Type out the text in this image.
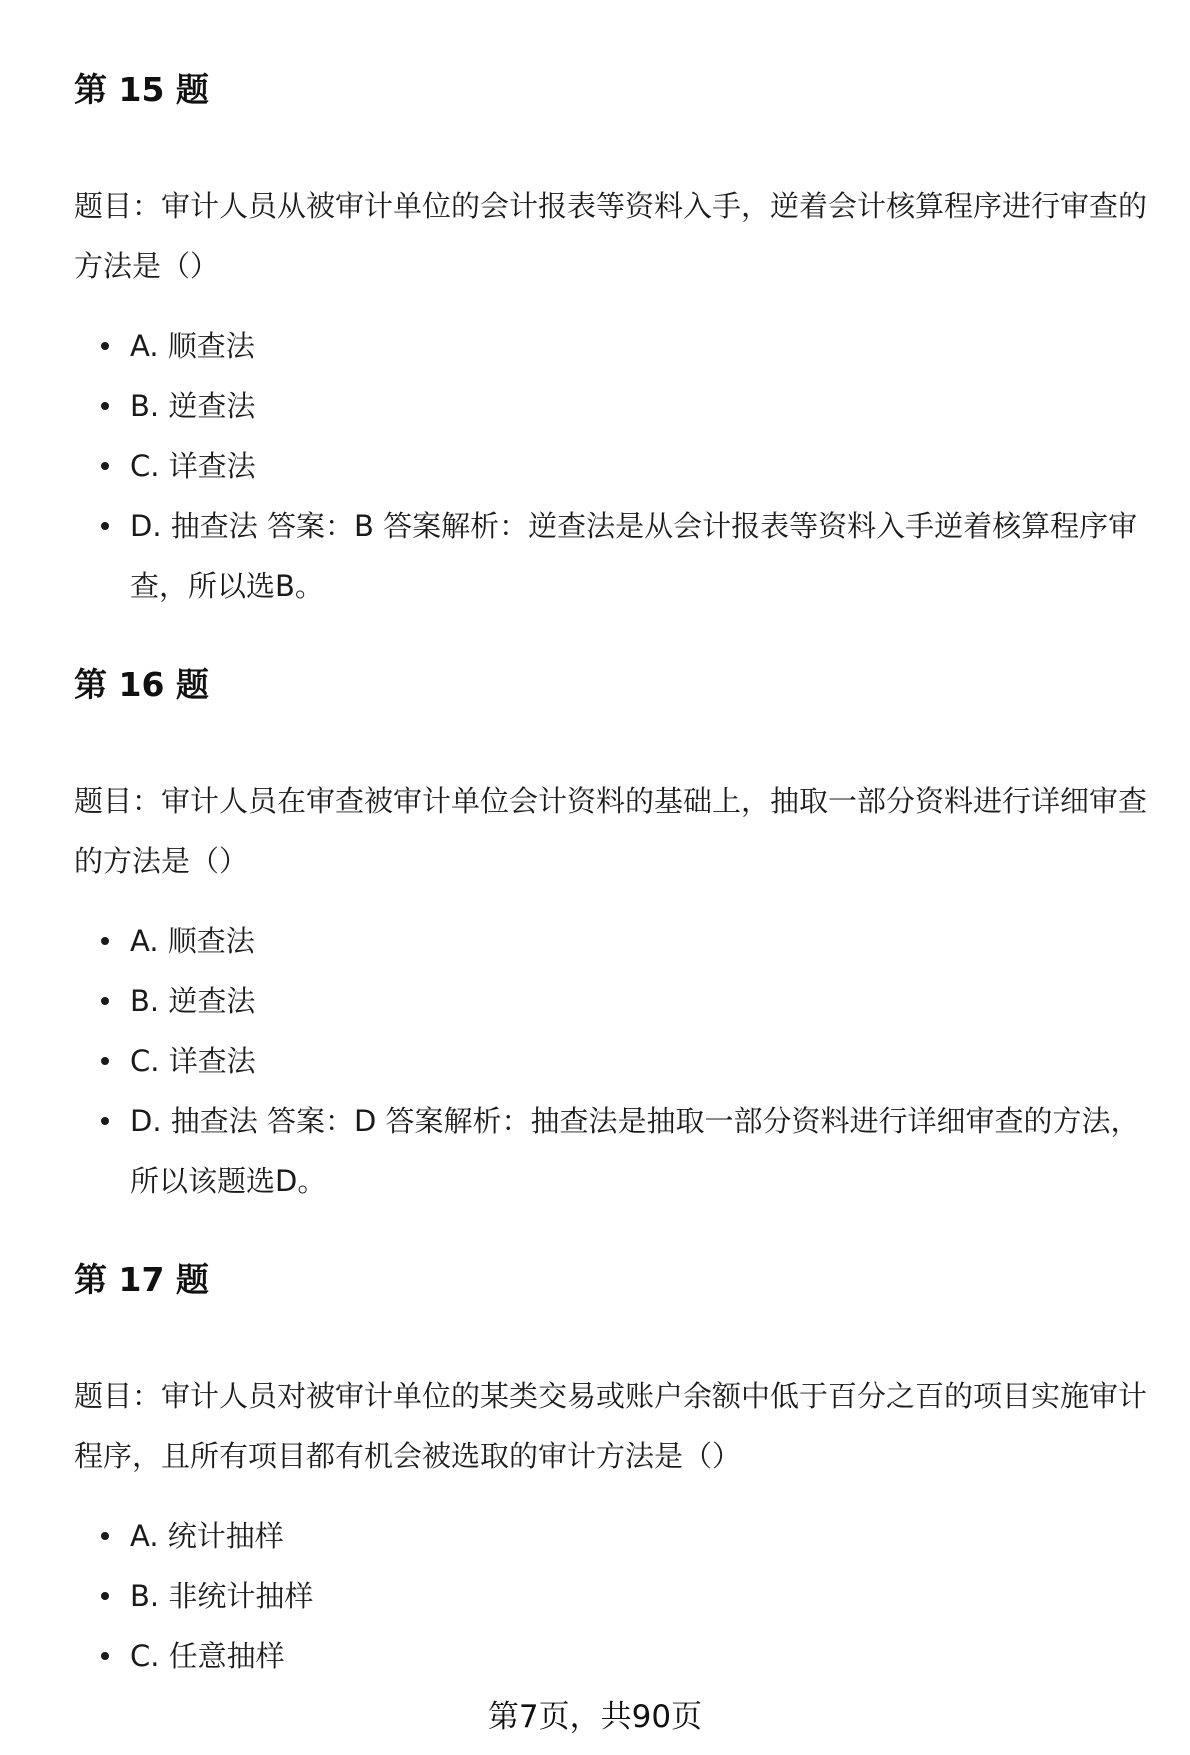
第 15 题

题目：审计人员从被审计单位的会计报表等资料入手，逆着会计核算程序进行审查的方法是（）

A. 顺查法
B. 逆查法
C. 详查法
D. 抽查法 答案：B 答案解析：逆查法是从会计报表等资料入手逆着核算程序审查，所以选B。
第 16 题

题目：审计人员在审查被审计单位会计资料的基础上，抽取一部分资料进行详细审查的方法是（）

A. 顺查法
B. 逆查法
C. 详查法
D. 抽查法 答案：D 答案解析：抽查法是抽取一部分资料进行详细审查的方法，所以该题选D。
第 17 题

题目：审计人员对被审计单位的某类交易或账户余额中低于百分之百的项目实施审计程序，且所有项目都有机会被选取的审计方法是（）

A. 统计抽样
B. 非统计抽样
C. 任意抽样
第7页，共90页
